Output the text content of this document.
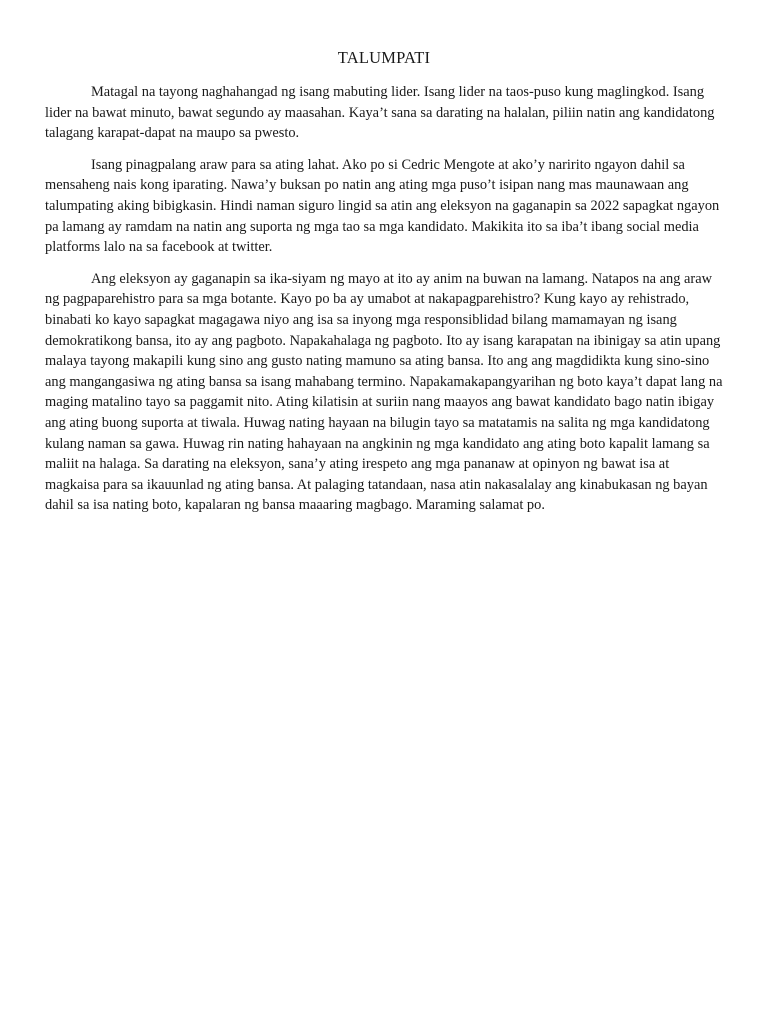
TALUMPATI

Matagal na tayong naghahangad ng isang mabuting lider. Isang lider na taos-puso kung maglingkod. Isang lider na bawat minuto, bawat segundo ay maasahan. Kaya’t sana sa darating na halalan, piliin natin ang kandidatong talagang karapat-dapat na maupo sa pwesto.

Isang pinagpalang araw para sa ating lahat. Ako po si Cedric Mengote at ako’y naririto ngayon dahil sa mensaheng nais kong iparating. Nawa’y buksan po natin ang ating mga puso’t isipan nang mas maunawaan ang talumpating aking bibigkasin. Hindi naman siguro lingid sa atin ang eleksyon na gaganapin sa 2022 sapagkat ngayon pa lamang ay ramdam na natin ang suporta ng mga tao sa mga kandidato. Makikita ito sa iba’t ibang social media platforms lalo na sa facebook at twitter.

Ang eleksyon ay gaganapin sa ika-siyam ng mayo at ito ay anim na buwan na lamang. Natapos na ang araw ng pagpaparehistro para sa mga botante. Kayo po ba ay umabot at nakapagparehistro? Kung kayo ay rehistrado, binabati ko kayo sapagkat magagawa niyo ang isa sa inyong mga responsiblidad bilang mamamayan ng isang demokratikong bansa, ito ay ang pagboto. Napakahalaga ng pagboto. Ito ay isang karapatan na ibinigay sa atin upang malaya tayong makapili kung sino ang gusto nating mamuno sa ating bansa. Ito ang ang magdidikta kung sino-sino ang mangangasiwa ng ating bansa sa isang mahabang termino. Napakamakapangyarihan ng boto kaya’t dapat lang na maging matalino tayo sa paggamit nito. Ating kilatisin at suriin nang maayos ang bawat kandidato bago natin ibigay ang ating buong suporta at tiwala. Huwag nating hayaan na bilugin tayo sa matatamis na salita ng mga kandidatong kulang naman sa gawa. Huwag rin nating hahayaan na angkinin ng mga kandidato ang ating boto kapalit lamang sa maliit na halaga. Sa darating na eleksyon, sana’y ating irespeto ang mga pananaw at opinyon ng bawat isa at magkaisa para sa ikauunlad ng ating bansa. At palaging tatandaan, nasa atin nakasalalay ang kinabukasan ng bayan dahil sa isa nating boto, kapalaran ng bansa maaaring magbago. Maraming salamat po.
